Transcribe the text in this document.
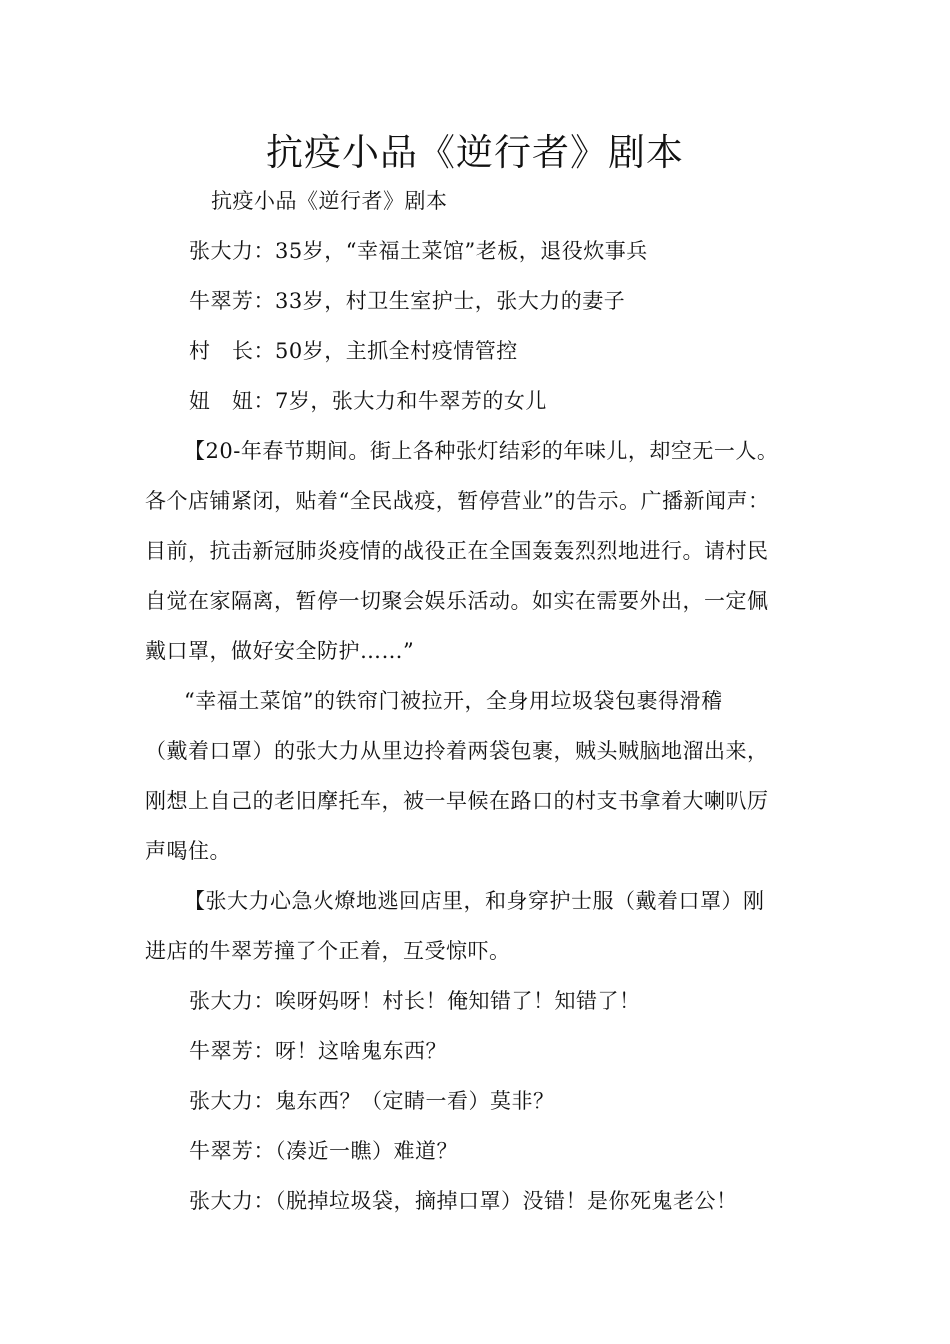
抗疫小品《逆行者》剧本

抗疫小品《逆行者》剧本

张大力：35岁，“幸福土菜馆”老板，退役炊事兵

牛翠芳：33岁，村卫生室护士，张大力的妻子

村　长：50岁，主抓全村疫情管控

妞　妞：7岁，张大力和牛翠芳的女儿

【20-年春节期间。街上各种张灯结彩的年味儿，却空无一人。

各个店铺紧闭，贴着“全民战疫，暂停营业”的告示。广播新闻声：

目前，抗击新冠肺炎疫情的战役正在全国轰轰烈烈地进行。请村民

自觉在家隔离，暂停一切聚会娱乐活动。如实在需要外出，一定佩

戴口罩，做好安全防护……”

“幸福土菜馆”的铁帘门被拉开，全身用垃圾袋包裹得滑稽

（戴着口罩）的张大力从里边拎着两袋包裹，贼头贼脑地溜出来，

刚想上自己的老旧摩托车，被一早候在路口的村支书拿着大喇叭厉

声喝住。

【张大力心急火燎地逃回店里，和身穿护士服（戴着口罩）刚

进店的牛翠芳撞了个正着，互受惊吓。

张大力：唉呀妈呀！村长！俺知错了！知错了！

牛翠芳：呀！这啥鬼东西？

张大力：鬼东西？（定睛一看）莫非？

牛翠芳：（凑近一瞧）难道？

张大力：（脱掉垃圾袋，摘掉口罩）没错！是你死鬼老公！
